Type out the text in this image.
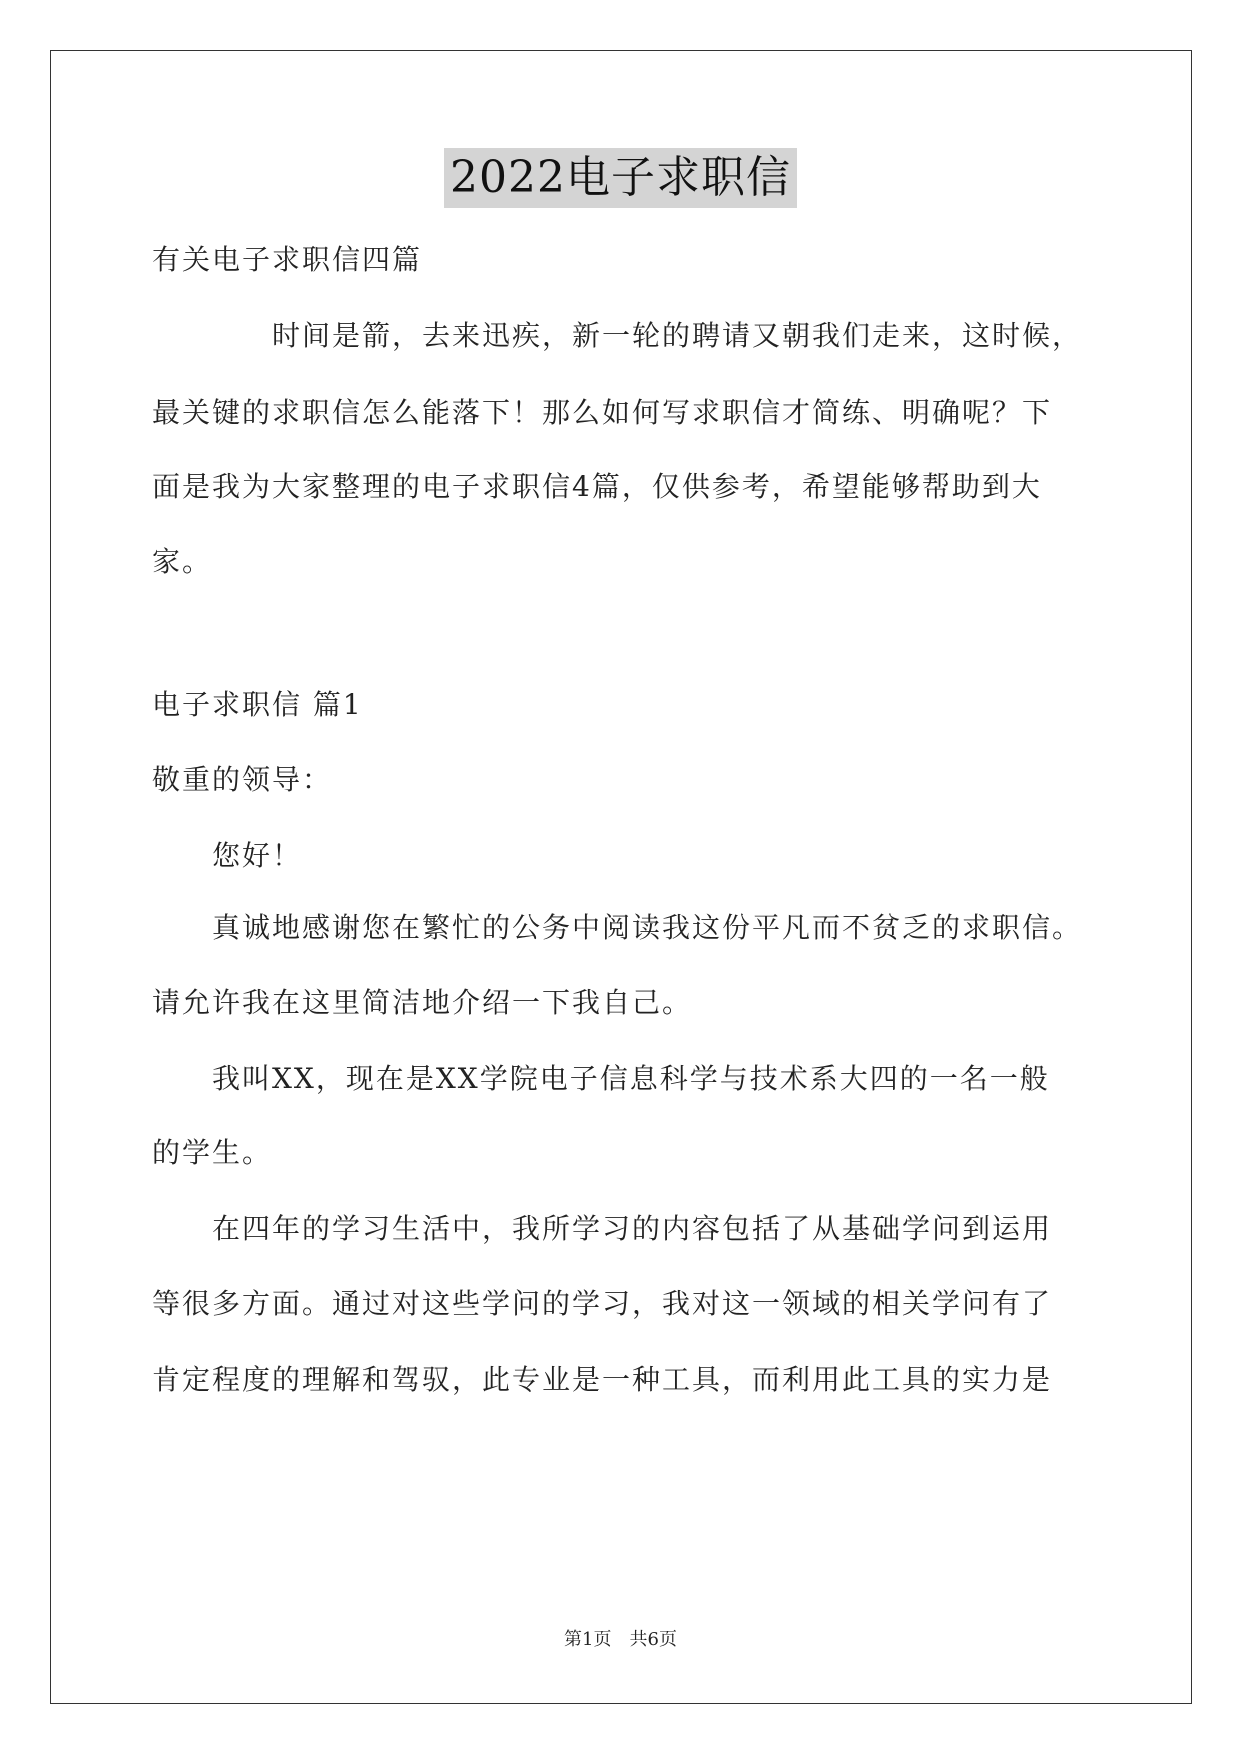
2022电子求职信
有关电子求职信四篇
　　　　时间是箭，去来迅疾，新一轮的聘请又朝我们走来，这时候，
最关键的求职信怎么能落下！那么如何写求职信才简练、明确呢？下
面是我为大家整理的电子求职信4篇，仅供参考，希望能够帮助到大
家。
电子求职信 篇1
敬重的领导：
　　您好！
　　真诚地感谢您在繁忙的公务中阅读我这份平凡而不贫乏的求职信。
请允许我在这里简洁地介绍一下我自己。
　　我叫XX，现在是XX学院电子信息科学与技术系大四的一名一般
的学生。
　　在四年的学习生活中，我所学习的内容包括了从基础学问到运用
等很多方面。通过对这些学问的学习，我对这一领域的相关学问有了
肯定程度的理解和驾驭，此专业是一种工具，而利用此工具的实力是
第1页　共6页
